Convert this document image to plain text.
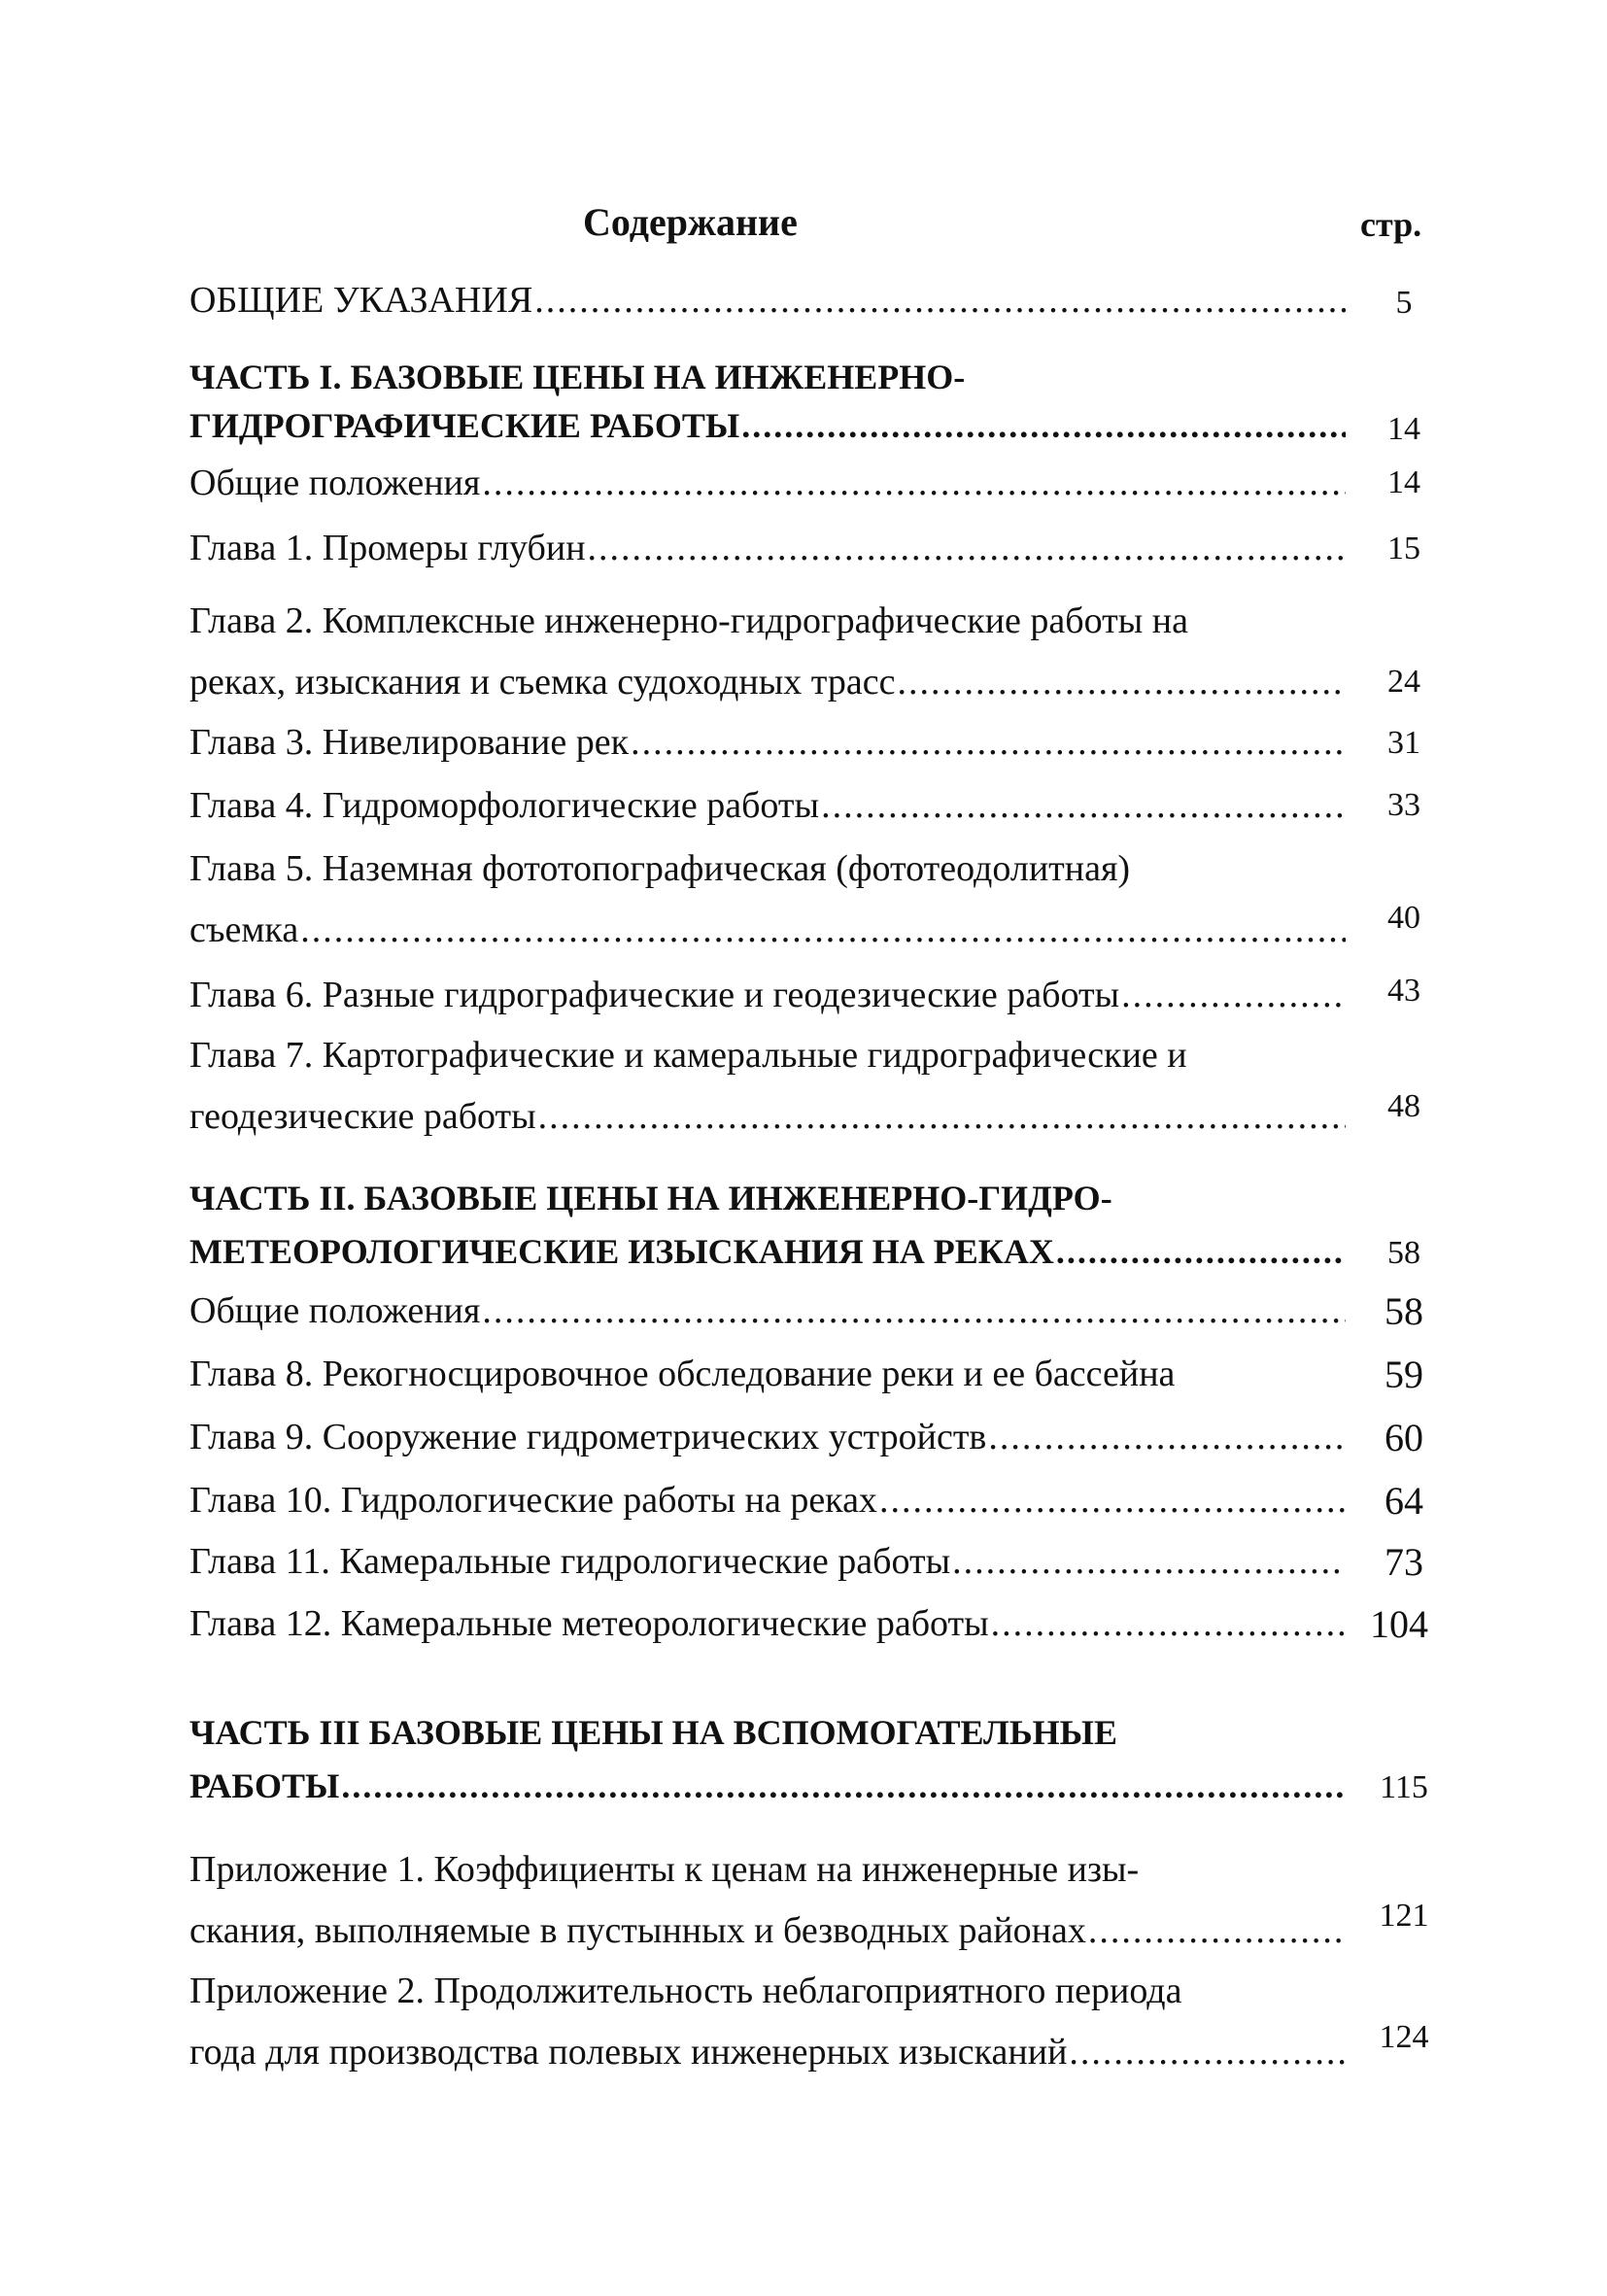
Содержание	стр.
ОБЩИЕ УКАЗАНИЯ .....	5
ЧАСТЬ I. БАЗОВЫЕ ЦЕНЫ НА ИНЖЕНЕРНО-
ГИДРОГРАФИЧЕСКИЕ РАБОТЫ .....	14
Общие положения .....	14
Глава 1. Промеры глубин .....	15
Глава 2. Комплексные инженерно-гидрографические работы на
реках, изыскания и съемка судоходных трасс .....	24
Глава 3. Нивелирование рек .....	31
Глава 4. Гидроморфологические работы .....	33
Глава 5. Наземная фототопографическая (фототеодолитная)
съемка .....	40
Глава 6. Разные гидрографические и геодезические работы .....	43
Глава 7. Картографические и камеральные гидрографические и
геодезические работы .....	48
ЧАСТЬ II. БАЗОВЫЕ ЦЕНЫ НА ИНЖЕНЕРНО-ГИДРО-
МЕТЕОРОЛОГИЧЕСКИЕ ИЗЫСКАНИЯ НА РЕКАХ .....	58
Общие положения .....	58
Глава 8. Рекогносцировочное обследование реки и ее бассейна	59
Глава 9. Сооружение гидрометрических устройств .....	60
Глава 10. Гидрологические работы на реках .....	64
Глава 11. Камеральные гидрологические работы .....	73
Глава 12. Камеральные метеорологические работы .....	104
ЧАСТЬ III БАЗОВЫЕ ЦЕНЫ НА ВСПОМОГАТЕЛЬНЫЕ
РАБОТЫ .....	115
Приложение 1. Коэффициенты к ценам на инженерные изы-
скания, выполняемые в пустынных и безводных районах .....	121
Приложение 2. Продолжительность неблагоприятного периода
года для производства полевых инженерных изысканий .....	124
